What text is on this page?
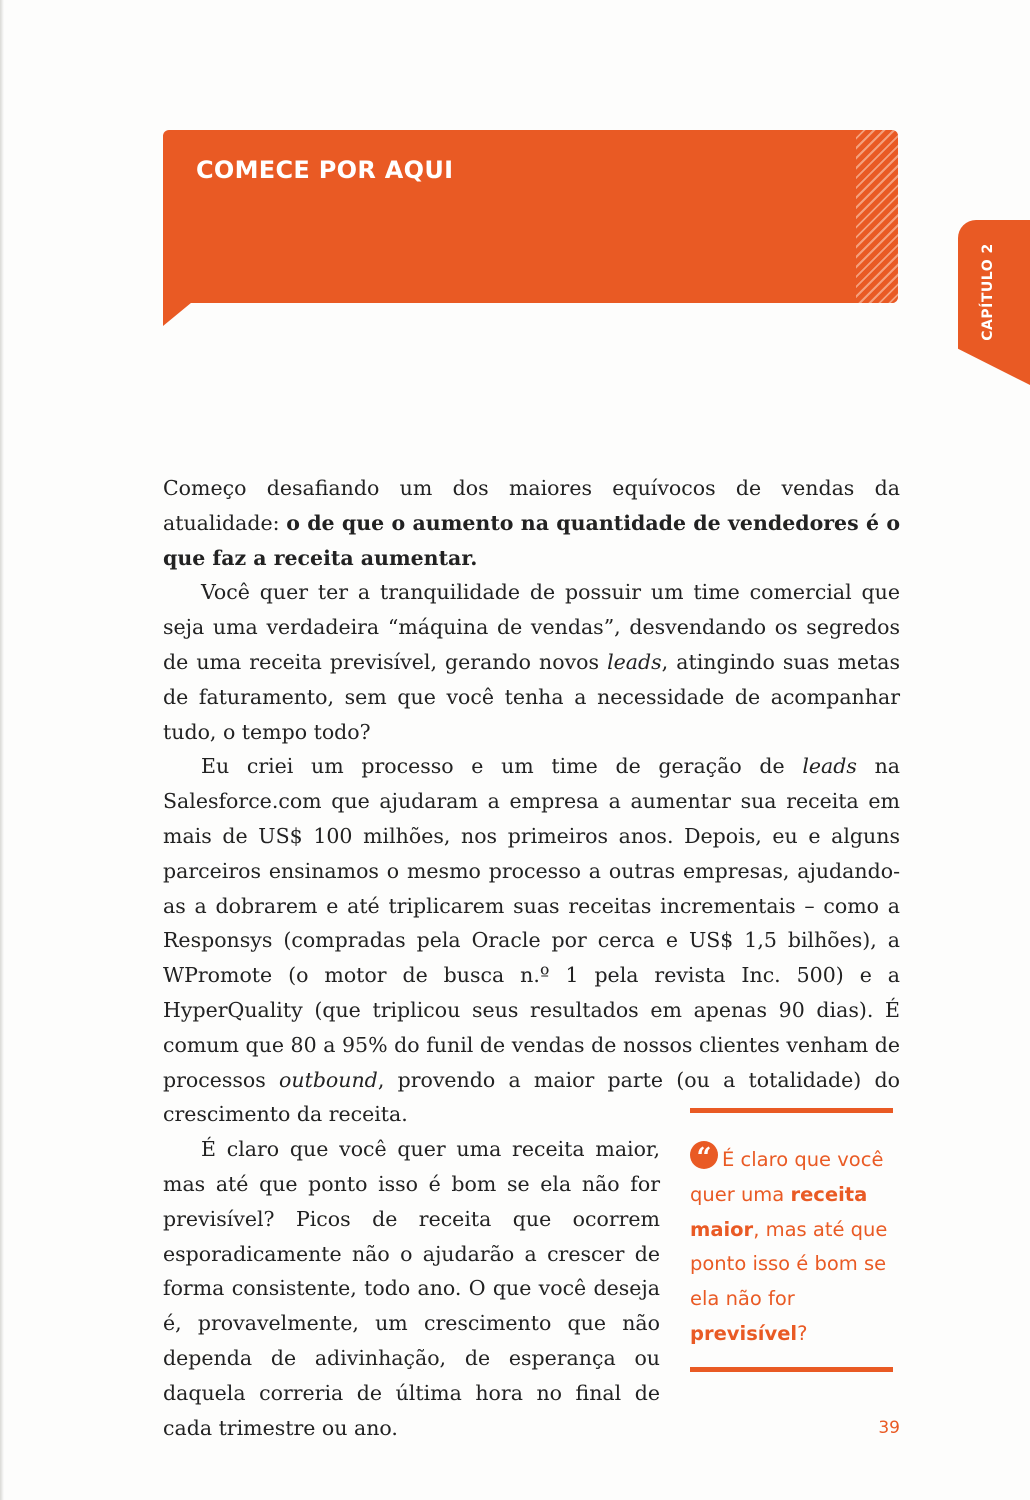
COMECE POR AQUI
CAPÍTULO 2

Começo desafiando um dos maiores equívocos de vendas da atualidade: o de que o aumento na quantidade de vendedores é o que faz a receita aumentar.

Você quer ter a tranquilidade de possuir um time comercial que seja uma verdadeira “máquina de vendas”, desvendando os segredos de uma receita previsível, gerando novos leads, atingindo suas metas de faturamento, sem que você tenha a necessidade de acompanhar tudo, o tempo todo?

Eu criei um processo e um time de geração de leads na Salesforce.com que ajudaram a empresa a aumentar sua receita em mais de US$ 100 milhões, nos primeiros anos. Depois, eu e alguns parceiros ensinamos o mesmo processo a outras empresas, ajudando-as a dobrarem e até triplicarem suas receitas incrementais – como a Responsys (compradas pela Oracle por cerca e US$ 1,5 bilhões), a WPromote (o motor de busca n.º 1 pela revista Inc. 500) e a HyperQuality (que triplicou seus resultados em apenas 90 dias). É comum que 80 a 95% do funil de vendas de nossos clientes venham de processos outbound, provendo a maior parte (ou a totalidade) do crescimento da receita.

É claro que você quer uma receita maior, mas até que ponto isso é bom se ela não for previsível? Picos de receita que ocorrem esporadicamente não o ajudarão a crescer de forma consistente, todo ano. O que você deseja é, provavelmente, um crescimento que não dependa de adivinhação, de esperança ou daquela correria de última hora no final de cada trimestre ou ano.

“ É claro que você quer uma receita maior, mas até que ponto isso é bom se ela não for previsível?
39
